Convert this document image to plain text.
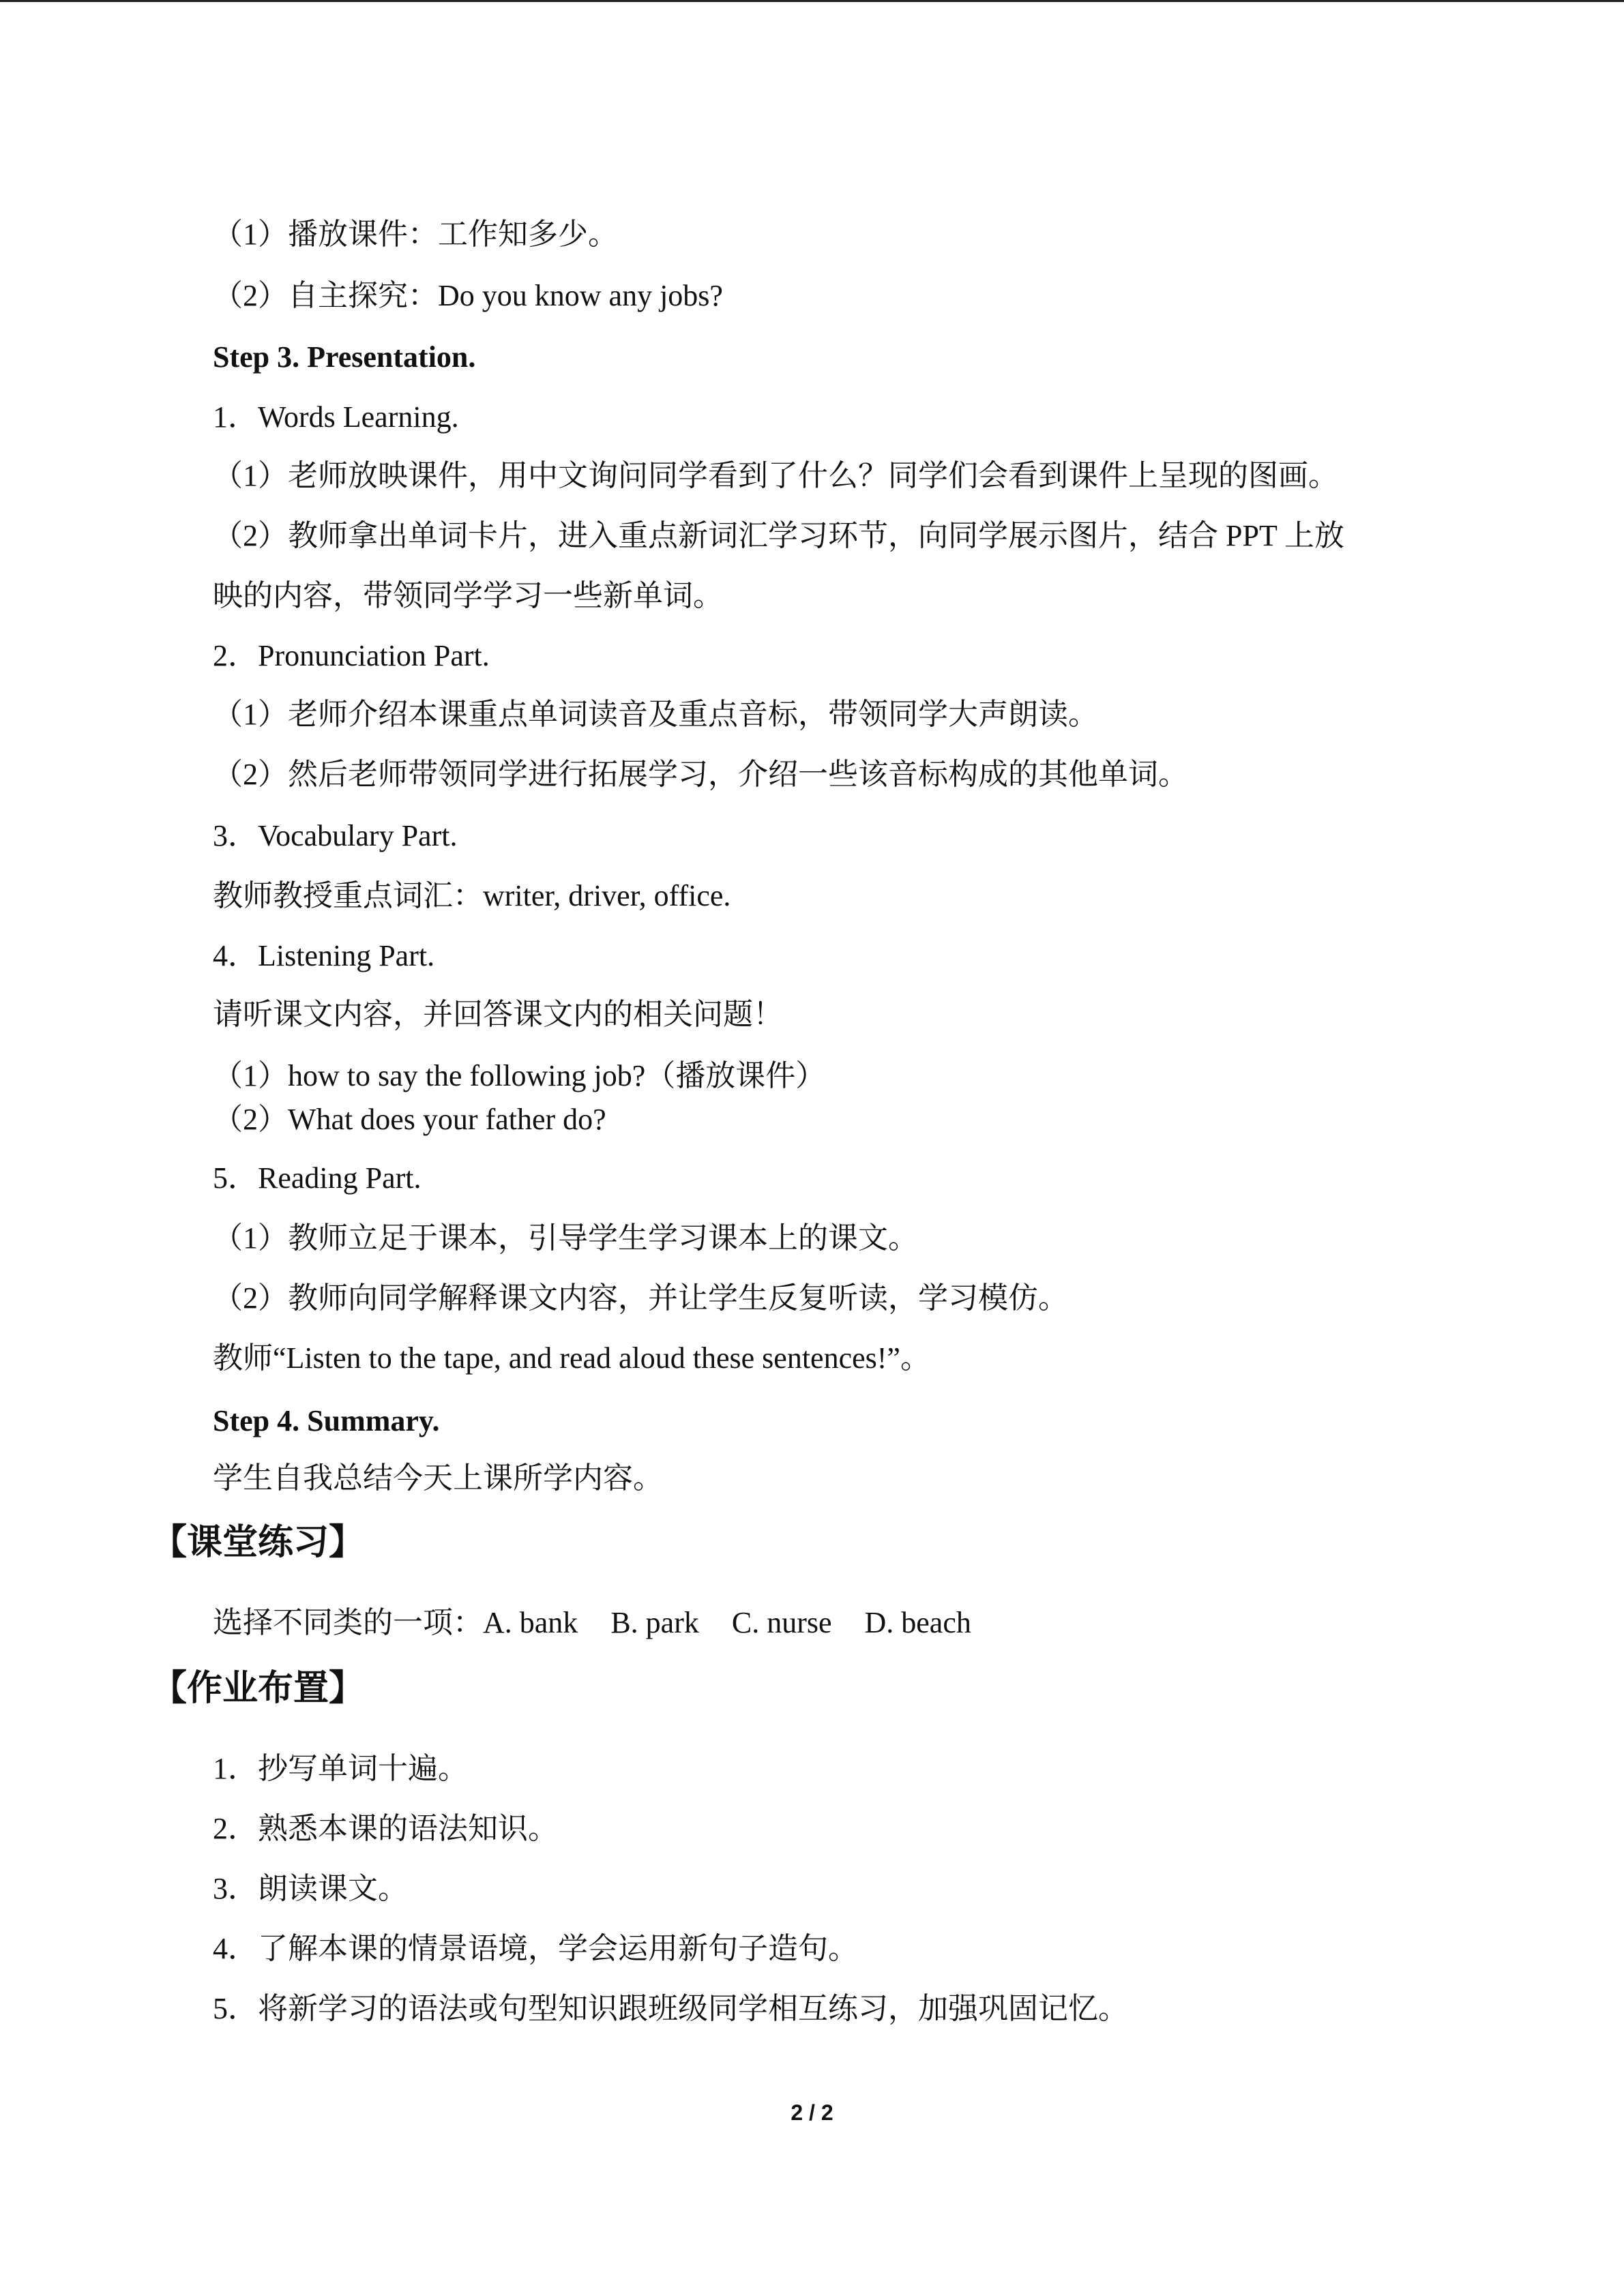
（1）播放课件：工作知多少。
（2）自主探究：Do you know any jobs?
Step 3. Presentation.
1．Words Learning.
（1）老师放映课件，用中文询问同学看到了什么？同学们会看到课件上呈现的图画。
（2）教师拿出单词卡片，进入重点新词汇学习环节，向同学展示图片，结合 PPT 上放
映的内容，带领同学学习一些新单词。
2．Pronunciation Part.
（1）老师介绍本课重点单词读音及重点音标，带领同学大声朗读。
（2）然后老师带领同学进行拓展学习，介绍一些该音标构成的其他单词。
3．Vocabulary Part.
教师教授重点词汇：writer, driver, office.
4．Listening Part.
请听课文内容，并回答课文内的相关问题！
（1）how to say the following job?（播放课件）
（2）What does your father do?
5．Reading Part.
（1）教师立足于课本，引导学生学习课本上的课文。
（2）教师向同学解释课文内容，并让学生反复听读，学习模仿。
教师“Listen to the tape, and read aloud these sentences!”。
Step 4. Summary.
学生自我总结今天上课所学内容。
【课堂练习】
选择不同类的一项：A. bank B. park C. nurse D. beach
【作业布置】
1．抄写单词十遍。
2．熟悉本课的语法知识。
3．朗读课文。
4．了解本课的情景语境，学会运用新句子造句。
5．将新学习的语法或句型知识跟班级同学相互练习，加强巩固记忆。
2 / 2
